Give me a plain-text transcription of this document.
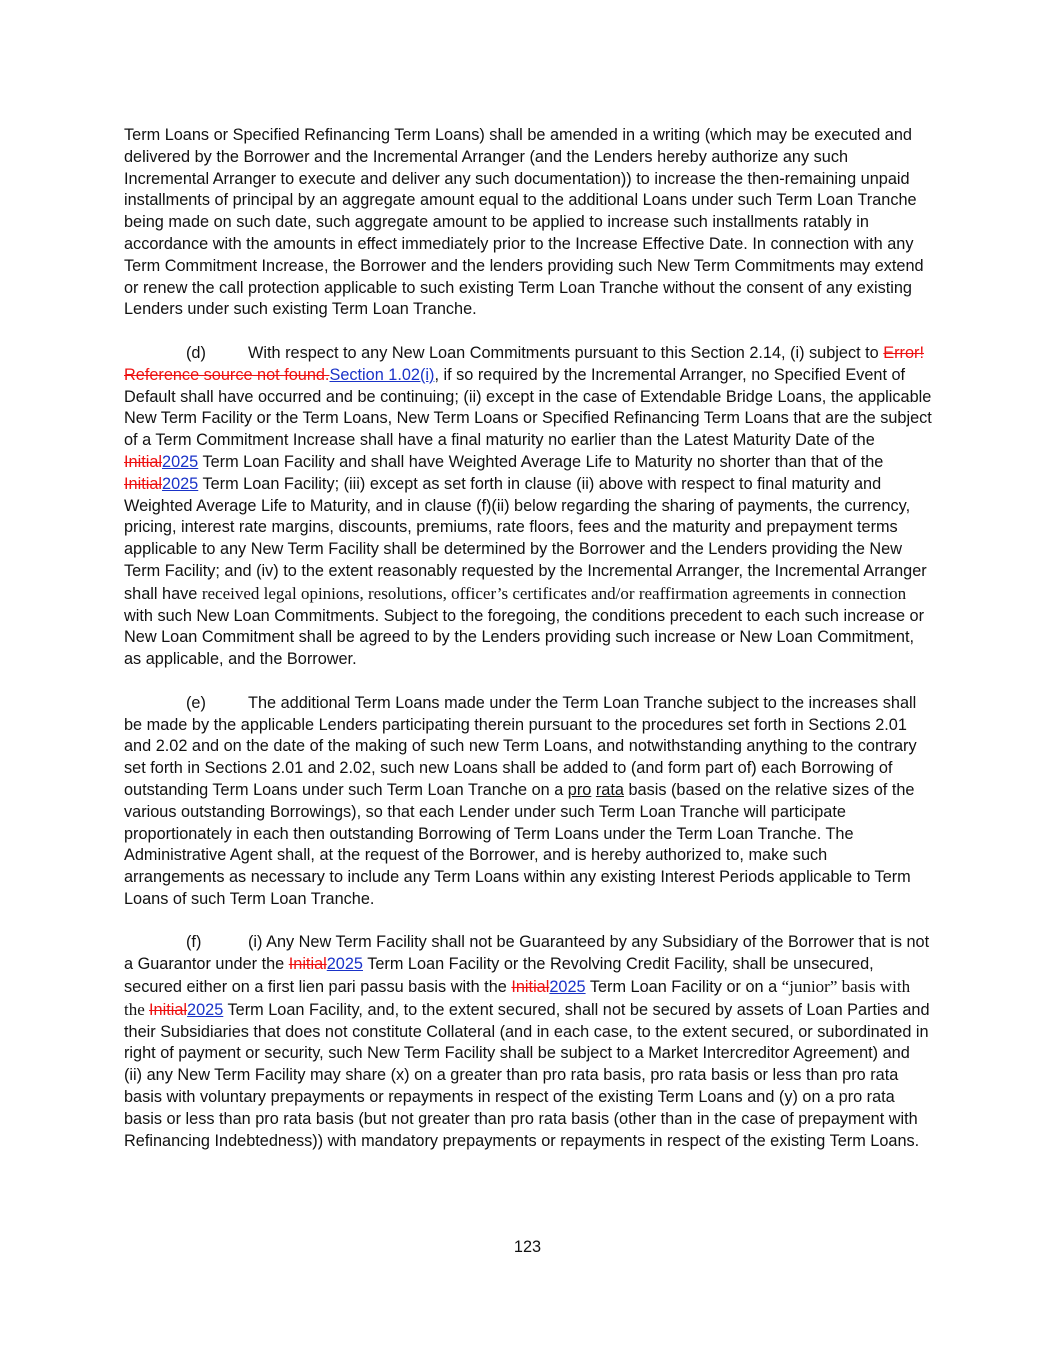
Term Loans or Specified Refinancing Term Loans) shall be amended in a writing (which may be executed and delivered by the Borrower and the Incremental Arranger (and the Lenders hereby authorize any such Incremental Arranger to execute and deliver any such documentation)) to increase the then-remaining unpaid installments of principal by an aggregate amount equal to the additional Loans under such Term Loan Tranche being made on such date, such aggregate amount to be applied to increase such installments ratably in accordance with the amounts in effect immediately prior to the Increase Effective Date. In connection with any Term Commitment Increase, the Borrower and the lenders providing such New Term Commitments may extend or renew the call protection applicable to such existing Term Loan Tranche without the consent of any existing Lenders under such existing Term Loan Tranche.

(d)	With respect to any New Loan Commitments pursuant to this Section 2.14, (i) subject to Error! Reference source not found.Section 1.02(i), if so required by the Incremental Arranger, no Specified Event of Default shall have occurred and be continuing; (ii) except in the case of Extendable Bridge Loans, the applicable New Term Facility or the Term Loans, New Term Loans or Specified Refinancing Term Loans that are the subject of a Term Commitment Increase shall have a final maturity no earlier than the Latest Maturity Date of the Initial2025 Term Loan Facility and shall have Weighted Average Life to Maturity no shorter than that of the Initial2025 Term Loan Facility; (iii) except as set forth in clause (ii) above with respect to final maturity and Weighted Average Life to Maturity, and in clause (f)(ii) below regarding the sharing of payments, the currency, pricing, interest rate margins, discounts, premiums, rate floors, fees and the maturity and prepayment terms applicable to any New Term Facility shall be determined by the Borrower and the Lenders providing the New Term Facility; and (iv) to the extent reasonably requested by the Incremental Arranger, the Incremental Arranger shall have received legal opinions, resolutions, officer’s certificates and/or reaffirmation agreements in connection with such New Loan Commitments. Subject to the foregoing, the conditions precedent to each such increase or New Loan Commitment shall be agreed to by the Lenders providing such increase or New Loan Commitment, as applicable, and the Borrower.

(e)	The additional Term Loans made under the Term Loan Tranche subject to the increases shall be made by the applicable Lenders participating therein pursuant to the procedures set forth in Sections 2.01 and 2.02 and on the date of the making of such new Term Loans, and notwithstanding anything to the contrary set forth in Sections 2.01 and 2.02, such new Loans shall be added to (and form part of) each Borrowing of outstanding Term Loans under such Term Loan Tranche on a pro rata basis (based on the relative sizes of the various outstanding Borrowings), so that each Lender under such Term Loan Tranche will participate proportionately in each then outstanding Borrowing of Term Loans under the Term Loan Tranche. The Administrative Agent shall, at the request of the Borrower, and is hereby authorized to, make such arrangements as necessary to include any Term Loans within any existing Interest Periods applicable to Term Loans of such Term Loan Tranche.

(f)	(i) Any New Term Facility shall not be Guaranteed by any Subsidiary of the Borrower that is not a Guarantor under the Initial2025 Term Loan Facility or the Revolving Credit Facility, shall be unsecured, secured either on a first lien pari passu basis with the Initial2025 Term Loan Facility or on a “junior” basis with the Initial2025 Term Loan Facility, and, to the extent secured, shall not be secured by assets of Loan Parties and their Subsidiaries that does not constitute Collateral (and in each case, to the extent secured, or subordinated in right of payment or security, such New Term Facility shall be subject to a Market Intercreditor Agreement) and (ii) any New Term Facility may share (x) on a greater than pro rata basis, pro rata basis or less than pro rata basis with voluntary prepayments or repayments in respect of the existing Term Loans and (y) on a pro rata basis or less than pro rata basis (but not greater than pro rata basis (other than in the case of prepayment with Refinancing Indebtedness)) with mandatory prepayments or repayments in respect of the existing Term Loans.

123
